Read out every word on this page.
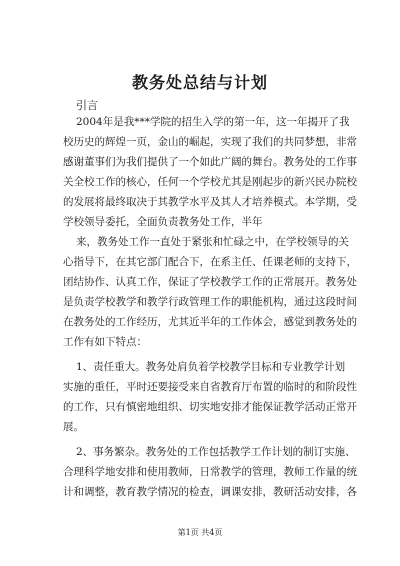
教务处总结与计划

引言

2004年是我***学院的招生入学的第一年，这一年揭开了我

校历史的辉煌一页，金山的崛起，实现了我们的共同梦想，非常

感谢董事们为我们提供了一个如此广阔的舞台。教务处的工作事

关全校工作的核心，任何一个学校尤其是刚起步的新兴民办院校

的发展将最终取决于其教学水平及其人才培养模式。本学期，受

学校领导委托，全面负责教务处工作，半年

来，教务处工作一直处于紧张和忙碌之中，在学校领导的关

心指导下，在其它部门配合下，在系主任、任课老师的支持下，

团结协作、认真工作，保证了学校教学工作的正常展开。教务处

是负责学校教学和教学行政管理工作的职能机构，通过这段时间

在教务处的工作经历，尤其近半年的工作体会，感觉到教务处的

工作有如下特点：

1、责任重大。教务处肩负着学校教学目标和专业教学计划

实施的重任，平时还要接受来自省教育厅布置的临时的和阶段性

的工作，只有慎密地组织、切实地安排才能保证教学活动正常开

展。

2、事务繁杂。教务处的工作包括教学工作计划的制订实施、

合理科学地安排和使用教师，日常教学的管理，教师工作量的统

计和调整，教育教学情况的检查，调课安排，教研活动安排，各

第1页 共4页
